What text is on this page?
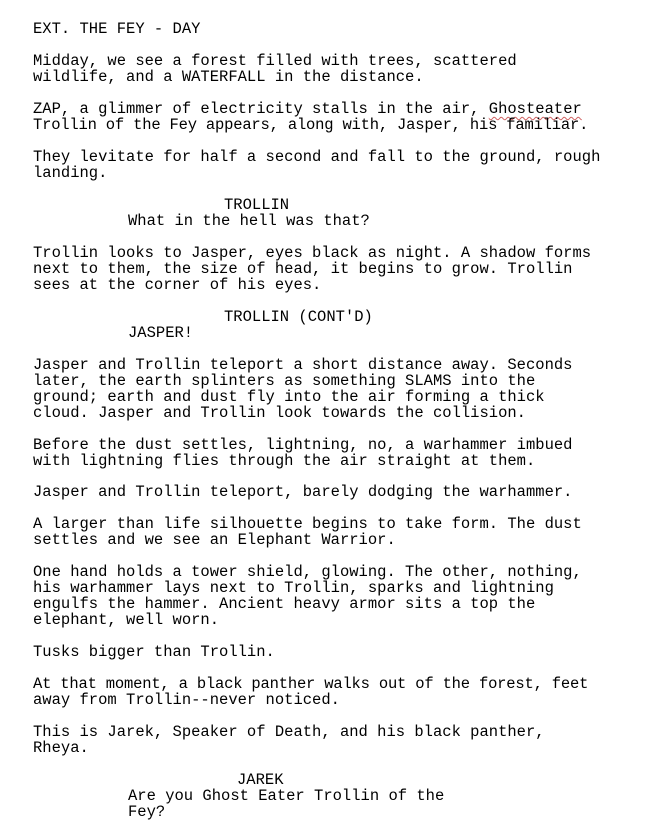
EXT. THE FEY - DAY

Midday, we see a forest filled with trees, scattered

wildlife, and a WATERFALL in the distance.

ZAP, a glimmer of electricity stalls in the air, Ghosteater

Trollin of the Fey appears, along with, Jasper, his familiar.

They levitate for half a second and fall to the ground, rough

landing.

TROLLIN

What in the hell was that?

Trollin looks to Jasper, eyes black as night. A shadow forms

next to them, the size of head, it begins to grow. Trollin

sees at the corner of his eyes.

TROLLIN (CONT'D)

JASPER!

Jasper and Trollin teleport a short distance away. Seconds

later, the earth splinters as something SLAMS into the

ground; earth and dust fly into the air forming a thick

cloud. Jasper and Trollin look towards the collision.

Before the dust settles, lightning, no, a warhammer imbued

with lightning flies through the air straight at them.

Jasper and Trollin teleport, barely dodging the warhammer.

A larger than life silhouette begins to take form. The dust

settles and we see an Elephant Warrior.

One hand holds a tower shield, glowing. The other, nothing,

his warhammer lays next to Trollin, sparks and lightning

engulfs the hammer. Ancient heavy armor sits a top the

elephant, well worn.

Tusks bigger than Trollin.

At that moment, a black panther walks out of the forest, feet

away from Trollin--never noticed.

This is Jarek, Speaker of Death, and his black panther,

Rheya.

JAREK

Are you Ghost Eater Trollin of the

Fey?
